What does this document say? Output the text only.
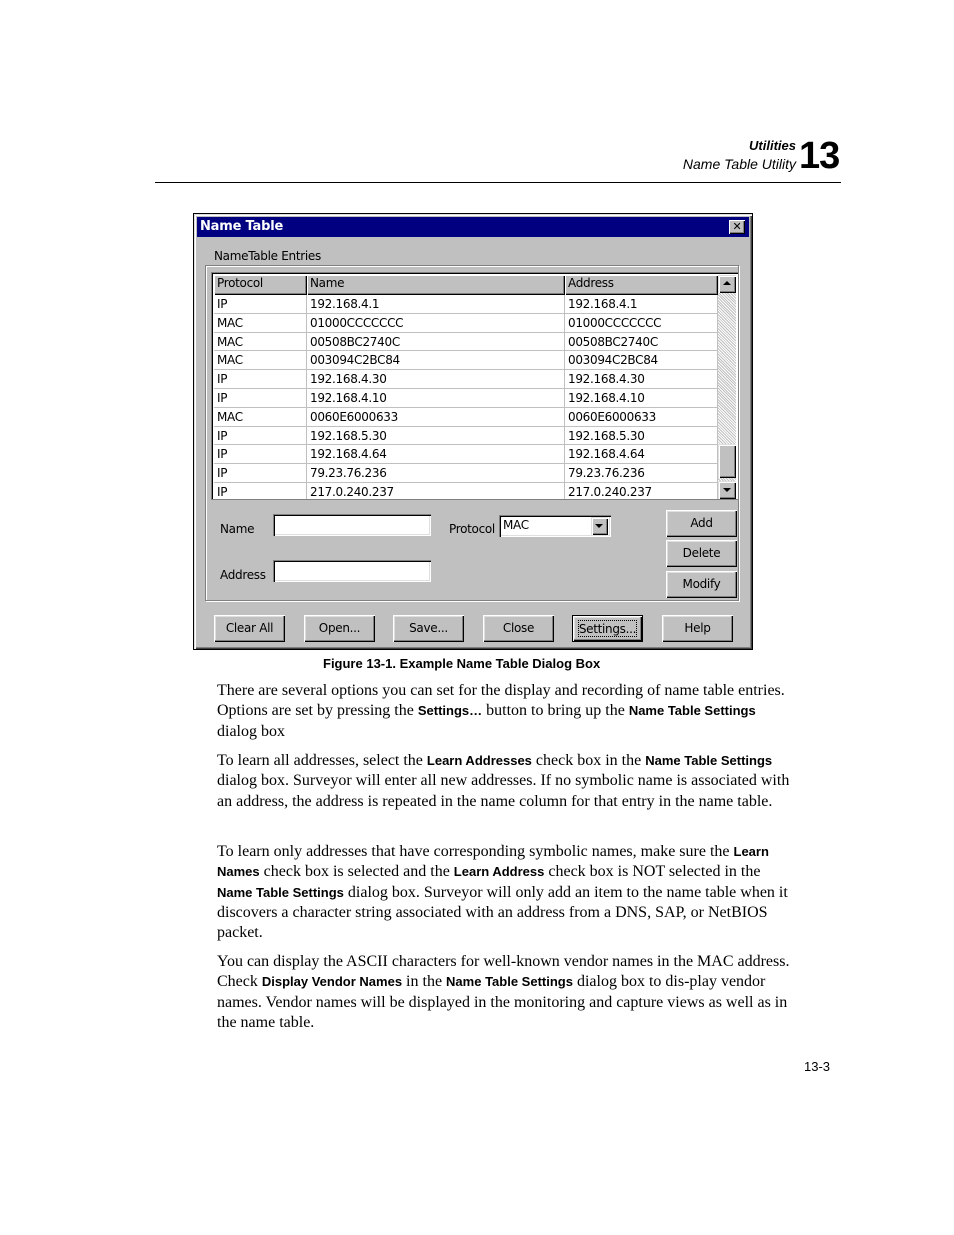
Utilities
Name Table Utility 13
Name Table	✕
NameTable Entries
Protocol	Name	Address
IP	192.168.4.1	192.168.4.1
MAC	01000CCCCCCC	01000CCCCCCC
MAC	00508BC2740C	00508BC2740C
MAC	003094C2BC84	003094C2BC84
IP	192.168.4.30	192.168.4.30
IP	192.168.4.10	192.168.4.10
MAC	0060E6000633	0060E6000633
IP	192.168.5.30	192.168.5.30
IP	192.168.4.64	192.168.4.64
IP	79.23.76.236	79.23.76.236
IP	217.0.240.237	217.0.240.237
Name
Address
Protocol MAC	Add
Delete
Modify
Clear All	Open...	Save...	Close	Settings...	Help
Figure 13-1. Example Name Table Dialog Box
There are several options you can set for the display and recording of name table entries. Options are set by pressing the Settings… button to bring up the Name Table Settings dialog box
To learn all addresses, select the Learn Addresses check box in the Name Table Settings dialog box. Surveyor will enter all new addresses. If no symbolic name is associated with an address, the address is repeated in the name column for that entry in the name table.
To learn only addresses that have corresponding symbolic names, make sure the Learn Names check box is selected and the Learn Address check box is NOT selected in the Name Table Settings dialog box. Surveyor will only add an item to the name table when it discovers a character string associated with an address from a DNS, SAP, or NetBIOS packet.
You can display the ASCII characters for well-known vendor names in the MAC address. Check Display Vendor Names in the Name Table Settings dialog box to dis-play vendor names. Vendor names will be displayed in the monitoring and capture views as well as in the name table.
13-3
